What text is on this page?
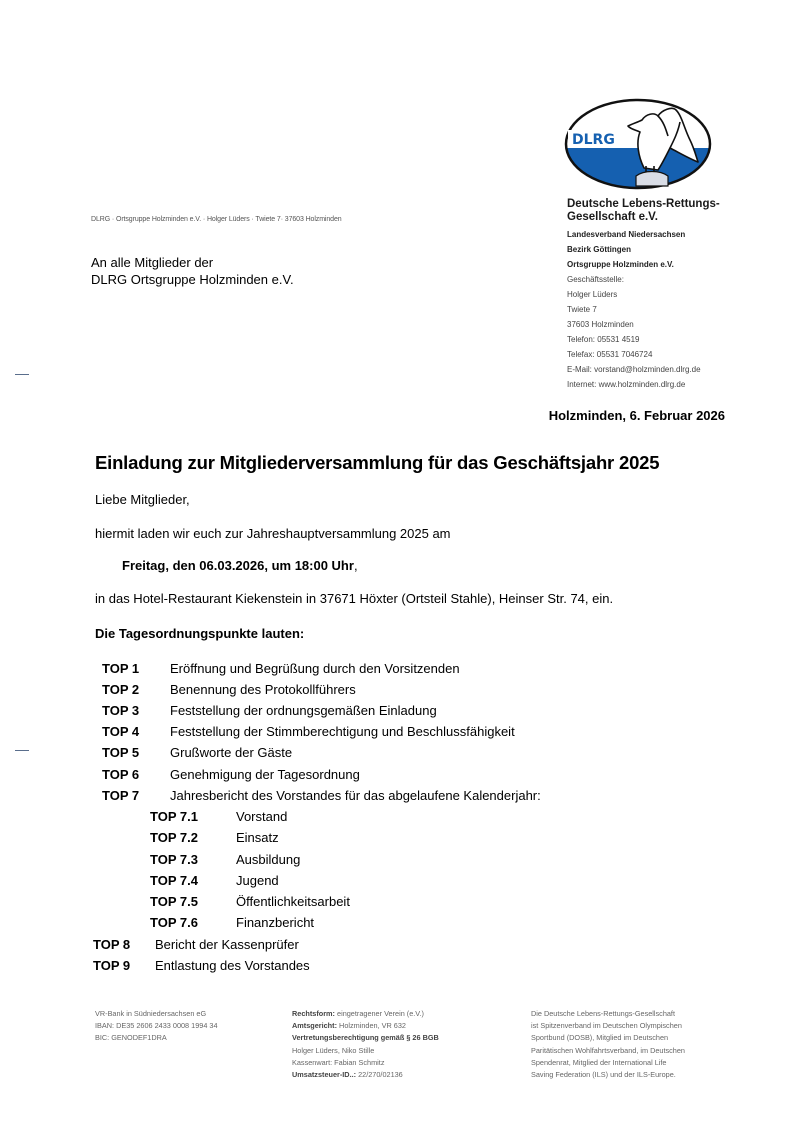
DLRG
Deutsche Lebens-Rettungs-
Gesellschaft e.V.
Landesverband Niedersachsen
Bezirk Göttingen
Ortsgruppe Holzminden e.V.
Geschäftsstelle:
Holger Lüders
Twiete 7
37603 Holzminden
Telefon: 05531 4519
Telefax: 05531 7046724
E-Mail: vorstand@holzminden.dlrg.de
Internet: www.holzminden.dlrg.de
DLRG · Ortsgruppe Holzminden e.V. · Holger Lüders · Twiete 7· 37603 Holzminden
An alle Mitglieder der
DLRG Ortsgruppe Holzminden e.V.
Holzminden, 6. Februar 2026
Einladung zur Mitgliederversammlung für das Geschäftsjahr 2025
Liebe Mitglieder,
hiermit laden wir euch zur Jahreshauptversammlung 2025 am
Freitag, den 06.03.2026, um 18:00 Uhr,
in das Hotel-Restaurant Kiekenstein in 37671 Höxter (Ortsteil Stahle), Heinser Str. 74, ein.
Die Tagesordnungspunkte lauten:
TOP 1 Eröffnung und Begrüßung durch den Vorsitzenden
TOP 2 Benennung des Protokollführers
TOP 3 Feststellung der ordnungsgemäßen Einladung
TOP 4 Feststellung der Stimmberechtigung und Beschlussfähigkeit
TOP 5 Grußworte der Gäste
TOP 6 Genehmigung der Tagesordnung
TOP 7 Jahresbericht des Vorstandes für das abgelaufene Kalenderjahr:
TOP 7.1	Vorstand
TOP 7.2	Einsatz
TOP 7.3	Ausbildung
TOP 7.4	Jugend
TOP 7.5	Öffentlichkeitsarbeit
TOP 7.6	Finanzbericht
TOP 8 Bericht der Kassenprüfer
TOP 9 Entlastung des Vorstandes
VR-Bank in Südniedersachsen eG
IBAN: DE35 2606 2433 0008 1994 34
BIC: GENODEF1DRA
Rechtsform: eingetragener Verein (e.V.)
Amtsgericht: Holzminden, VR 632
Vertretungsberechtigung gemäß § 26 BGB
Holger Lüders, Niko Stille
Kassenwart: Fabian Schmitz
Umsatzsteuer-ID..: 22/270/02136
Die Deutsche Lebens-Rettungs-Gesellschaft
ist Spitzenverband im Deutschen Olympischen
Sportbund (DOSB), Mitglied im Deutschen
Paritätischen Wohlfahrtsverband, im Deutschen
Spendenrat, Mitglied der International Life
Saving Federation (ILS) und der ILS-Europe.
